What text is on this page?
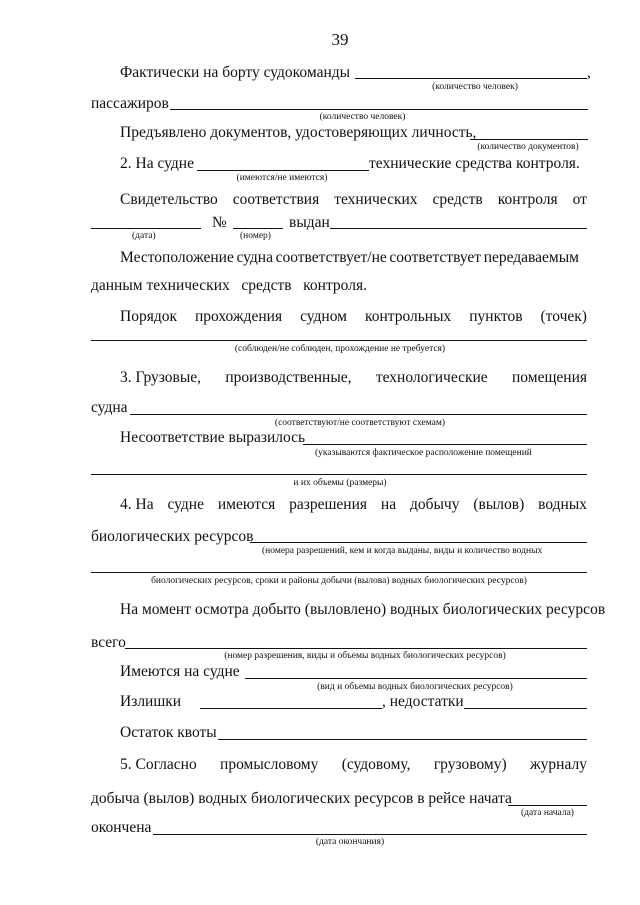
39
Фактически на борту судокоманды	,
(количество человек)
пассажиров
(количество человек)
Предъявлено документов, удостоверяющих личность,
(количество документов)
2. На судне	технические средства контроля.
(имеются/не имеются)
Свидетельство соответствия технических средств контроля от
№	выдан
(дата)	(номер)
Местоположение судна соответствует/не соответствует передаваемым
данным технических   средств   контроля.
Порядок прохождения судном контрольных пунктов (точек)
(соблюден/не соблюден, прохождение не требуется)
3. Грузовые, производственные, технологические помещения
судна
(соответствуют/не соответствуют схемам)
Несоответствие выразилось
(указываются фактическое расположение помещений
и их объемы (размеры)
4. На судне имеются разрешения на добычу (вылов) водных
биологических ресурсов
(номера разрешений, кем и когда выданы, виды и количество водных
биологических ресурсов, сроки и районы добычи (вылова) водных биологических ресурсов)
На момент осмотра добыто (выловлено) водных биологических ресурсов
всего
(номер разрешения, виды и объемы водных биологических ресурсов)
Имеются на судне
(вид и объемы водных биологических ресурсов)
Излишки	, недостатки
Остаток квоты
5. Согласно промысловому (судовому, грузовому) журналу
добыча (вылов) водных биологических ресурсов в рейсе начата
(дата начала)
окончена
(дата окончания)
